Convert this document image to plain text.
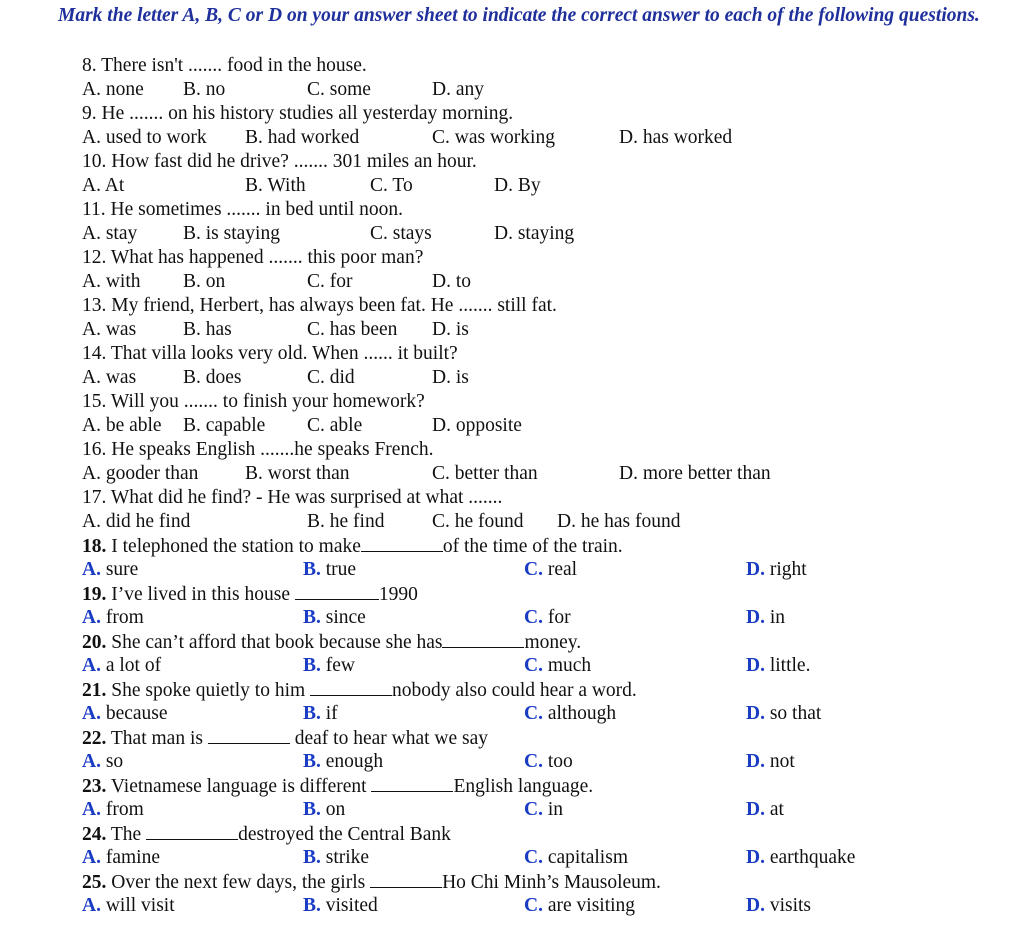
Mark the letter A, B, C or D on your answer sheet to indicate the correct answer to each of the following questions.
8. There isn't ....... food in the house.
A. none B. no	C. some	D. any
9. He ....... on his history studies all yesterday morning.
A. used to work B. had worked	C. was working	D. has worked
10. How fast did he drive? ....... 301 miles an hour.
A. At	B. With	C. To	D. By
11. He sometimes ....... in bed until noon.
A. stay B. is staying	C. stays	D. staying
12. What has happened ....... this poor man?
A. with B. on	C. for	D. to
13. My friend, Herbert, has always been fat. He ....... still fat.
A. was B. has	C. has been D. is
14. That villa looks very old. When ...... it built?
A. was B. does	C. did	D. is
15. Will you ....... to finish your homework?
A. be able B. capable C. able	D. opposite
16. He speaks English .......he speaks French.
A. gooder than B. worst than	C. better than	D. more better than
17. What did he find? - He was surprised at what .......
A. did he find	B. he find C. he found D. he has found
18. I telephoned the station to make	of the time of the train.
A. sure	B. true	C. real	D. right
19. I’ve lived in this house	1990
A. from	B. since	C. for	D. in
20. She can’t afford that book because she has	money.
A. a lot of	B. few	C. much	D. little.
21. She spoke quietly to him	nobody also could hear a word.
A. because	B. if	C. although	D. so that
22. That man is	deaf to hear what we say
A. so	B. enough	C. too	D. not
23. Vietnamese language is different	English language.
A. from	B. on	C. in	D. at
24. The	destroyed the Central Bank
A. famine	B. strike	C. capitalism	D. earthquake
25. Over the next few days, the girls	Ho Chi Minh’s Mausoleum.
A. will visit	B. visited	C. are visiting	D. visits
